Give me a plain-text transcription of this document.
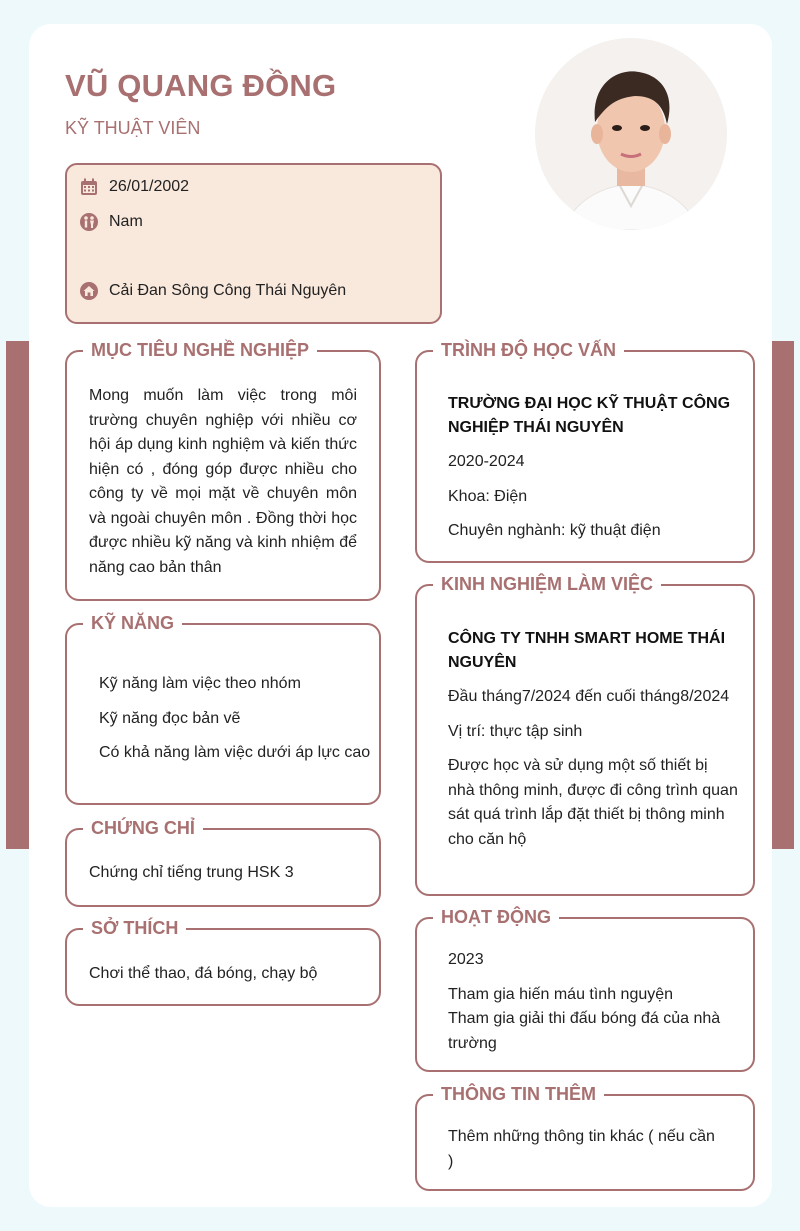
VŨ QUANG ĐỒNG
KỸ THUẬT VIÊN
26/01/2002
Nam
Cải Đan Sông Công Thái Nguyên
MỤC TIÊU NGHỀ NGHIỆP
Mong muốn làm việc trong môi trường chuyên nghiệp với nhiều cơ hội áp dụng kinh nghiệm và kiến thức hiện có , đóng góp được nhiều cho công ty về mọi mặt về chuyên môn và ngoài chuyên môn . Đồng thời học được nhiều kỹ năng và kinh nhiệm để năng cao bản thân
KỸ NĂNG

Kỹ năng làm việc theo nhóm

Kỹ năng đọc bản vẽ

Có khả năng làm việc dưới áp lực cao

CHỨNG CHỈ
Chứng chỉ tiếng trung HSK 3
SỞ THÍCH
Chơi thể thao, đá bóng, chạy bộ
TRÌNH ĐỘ HỌC VẤN

TRƯỜNG ĐẠI HỌC KỸ THUẬT CÔNG NGHIỆP THÁI NGUYÊN

2020-2024

Khoa: Điện

Chuyên nghành: kỹ thuật điện

KINH NGHIỆM LÀM VIỆC

CÔNG TY TNHH SMART HOME THÁI NGUYÊN

Đầu tháng7/2024 đến cuối tháng8/2024

Vị trí: thực tập sinh

Được học và sử dụng một số thiết bị nhà thông minh, được đi công trình quan sát quá trình lắp đặt thiết bị thông minh cho căn hộ

HOẠT ĐỘNG

2023

Tham gia hiến máu tình nguyện

Tham gia giải thi đấu bóng đá của nhà trường

THÔNG TIN THÊM
Thêm những thông tin khác ( nếu cần )
